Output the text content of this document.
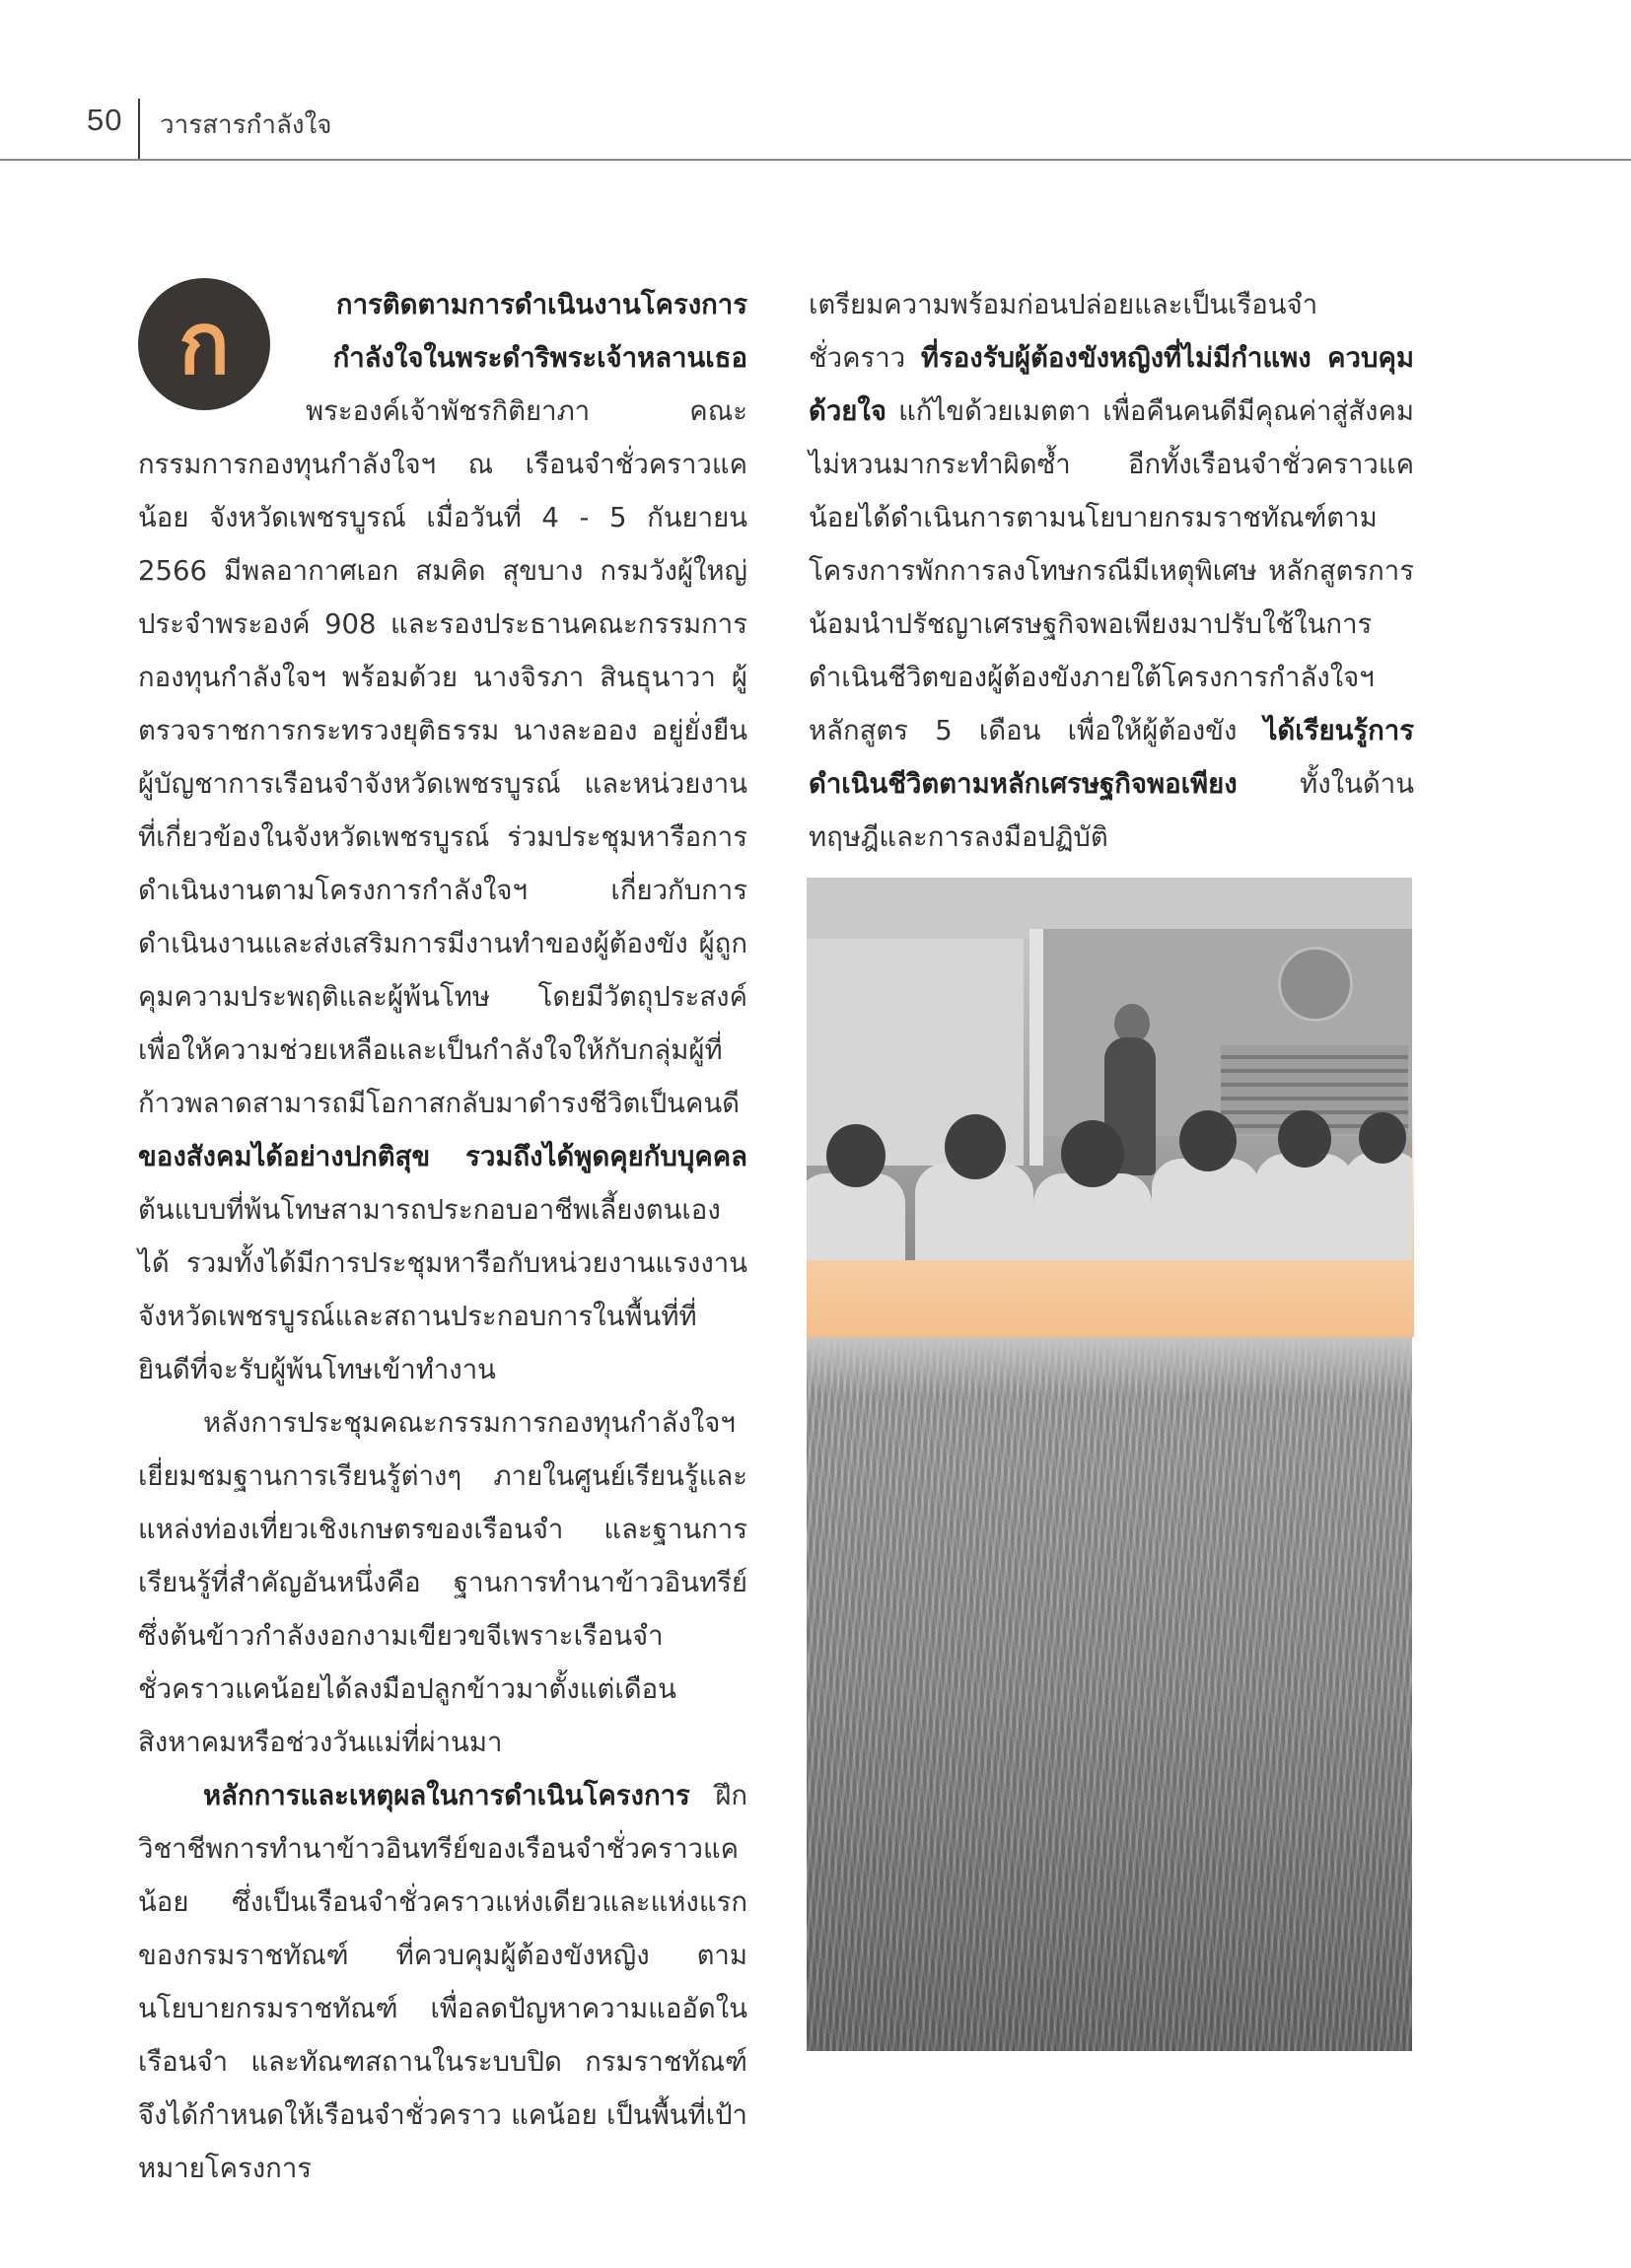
50 วารสารกำลังใจ
ก	การติดตามการดำเนินงานโครงการ

กำลังใจในพระดำริพระเจ้าหลานเธอ

พระองค์เจ้าพัชรกิติยาภา คณะกรรมการกองทุนกำลังใจฯ ณ เรือนจำชั่วคราวแคน้อย จังหวัดเพชรบูรณ์ เมื่อวันที่ 4 - 5 กันยายน 2566 มีพลอากาศเอก สมคิด สุขบาง กรมวังผู้ใหญ่ประจำพระองค์ 908 และรองประธานคณะกรรมการกองทุนกำลังใจฯ พร้อมด้วย นางจิรภา สินธุนาวา ผู้ตรวจราชการกระทรวงยุติธรรม นางละออง อยู่ยั่งยืน ผู้บัญชาการเรือนจำจังหวัดเพชรบูรณ์ และหน่วยงานที่เกี่ยวข้องในจังหวัดเพชรบูรณ์ ร่วมประชุมหารือการดำเนินงานตามโครงการกำลังใจฯ เกี่ยวกับการดำเนินงานและส่งเสริมการมีงานทำของผู้ต้องขัง ผู้ถูกคุมความประพฤติและผู้พ้นโทษ โดยมีวัตถุประสงค์เพื่อให้ความช่วยเหลือและเป็นกำลังใจให้กับกลุ่มผู้ที่ก้าวพลาดสามารถมีโอกาสกลับมาดำรงชีวิตเป็นคนดี ของสังคมได้อย่างปกติสุข รวมถึงได้พูดคุยกับบุคคล ต้นแบบที่พ้นโทษสามารถประกอบอาชีพเลี้ยงตนเองได้ รวมทั้งได้มีการประชุมหารือกับหน่วยงานแรงงานจังหวัดเพชรบูรณ์และสถานประกอบการในพื้นที่ที่ยินดีที่จะรับผู้พ้นโทษเข้าทำงาน

หลังการประชุมคณะกรรมการกองทุนกำลังใจฯ เยี่ยมชมฐานการเรียนรู้ต่างๆ ภายในศูนย์เรียนรู้และแหล่งท่องเที่ยวเชิงเกษตรของเรือนจำ และฐานการเรียนรู้ที่สำคัญอันหนึ่งคือ ฐานการทำนาข้าวอินทรีย์ ซึ่งต้นข้าวกำลังงอกงามเขียวขจีเพราะเรือนจำชั่วคราวแคน้อยได้ลงมือปลูกข้าวมาตั้งแต่เดือนสิงหาคมหรือช่วงวันแม่ที่ผ่านมา

หลักการและเหตุผลในการดำเนินโครงการ ฝึกวิชาชีพการทำนาข้าวอินทรีย์ของเรือนจำชั่วคราวแคน้อย ซึ่งเป็นเรือนจำชั่วคราวแห่งเดียวและแห่งแรกของกรมราชทัณฑ์ ที่ควบคุมผู้ต้องขังหญิง ตามนโยบายกรมราชทัณฑ์ เพื่อลดปัญหาความแออัดในเรือนจำ และทัณฑสถานในระบบปิด กรมราชทัณฑ์จึงได้กำหนดให้เรือนจำชั่วคราว แคน้อย เป็นพื้นที่เป้าหมายโครงการ

เตรียมความพร้อมก่อนปล่อยและเป็นเรือนจำชั่วคราว ที่รองรับผู้ต้องขังหญิงที่ไม่มีกำแพง ควบคุมด้วยใจ แก้ไขด้วยเมตตา เพื่อคืนคนดีมีคุณค่าสู่สังคม ไม่หวนมากระทำผิดซ้ำ อีกทั้งเรือนจำชั่วคราวแคน้อยได้ดำเนินการตามนโยบายกรมราชทัณฑ์ตามโครงการพักการลงโทษกรณีมีเหตุพิเศษ หลักสูตรการน้อมนำปรัชญาเศรษฐกิจพอเพียงมาปรับใช้ในการดำเนินชีวิตของผู้ต้องขังภายใต้โครงการกำลังใจฯ หลักสูตร 5 เดือน เพื่อให้ผู้ต้องขัง ได้เรียนรู้การดำเนินชีวิตตามหลักเศรษฐกิจพอเพียง ทั้งในด้านทฤษฎีและการลงมือปฏิบัติ
